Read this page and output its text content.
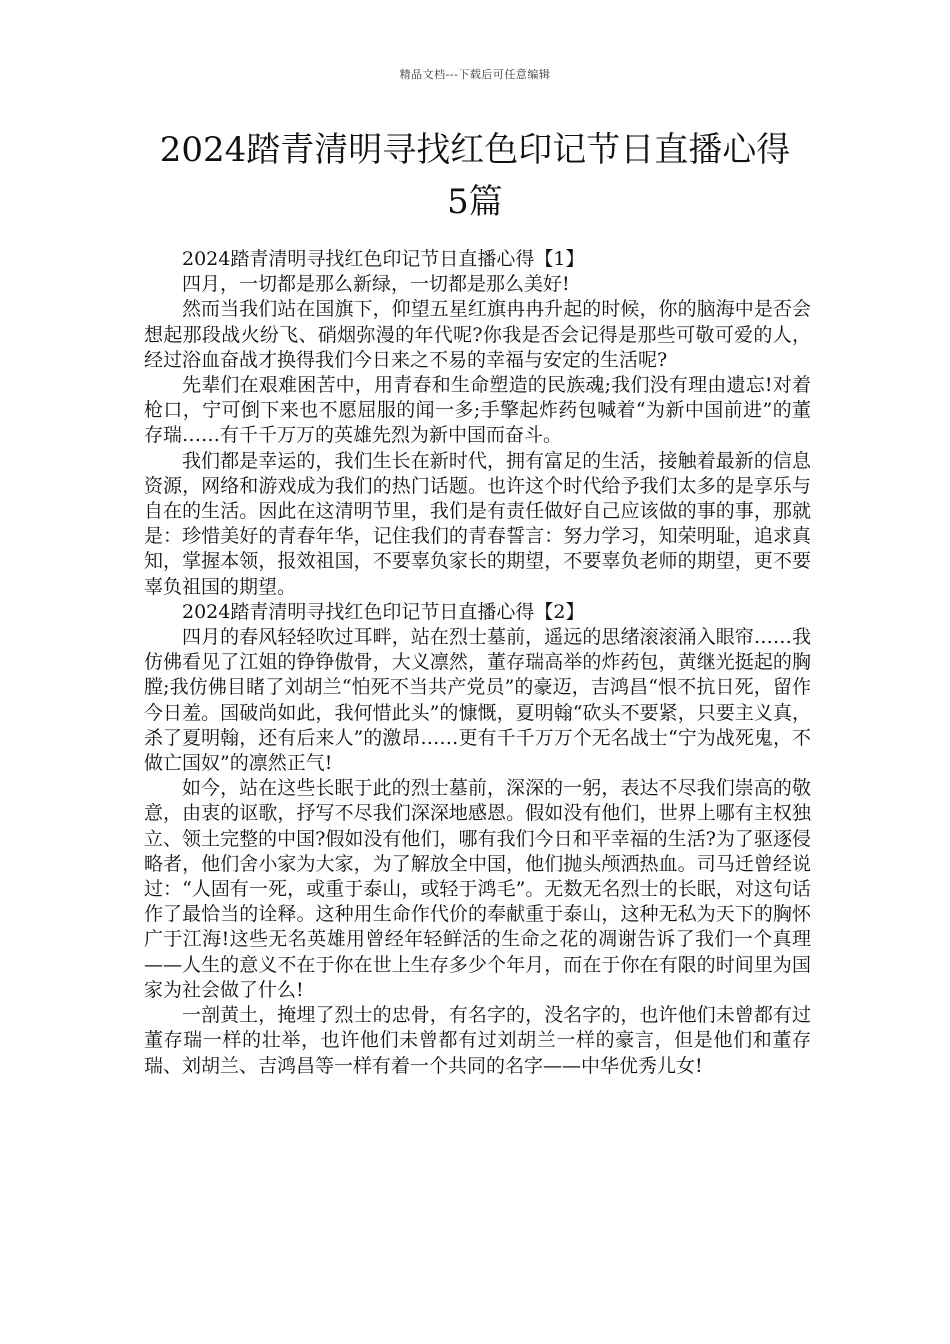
精品文档---下载后可任意编辑
2024踏青清明寻找红色印记节日直播心得
5篇

2024踏青清明寻找红色印记节日直播心得【1】

四月，一切都是那么新绿，一切都是那么美好!

然而当我们站在国旗下，仰望五星红旗冉冉升起的时候，你的脑海中是否会想起那段战火纷飞、硝烟弥漫的年代呢?你我是否会记得是那些可敬可爱的人，经过浴血奋战才换得我们今日来之不易的幸福与安定的生活呢?

先辈们在艰难困苦中，用青春和生命塑造的民族魂;我们没有理由遗忘!对着枪口，宁可倒下来也不愿屈服的闻一多;手擎起炸药包喊着“为新中国前进”的董存瑞……有千千万万的英雄先烈为新中国而奋斗。

我们都是幸运的，我们生长在新时代，拥有富足的生活，接触着最新的信息资源，网络和游戏成为我们的热门话题。也许这个时代给予我们太多的是享乐与自在的生活。因此在这清明节里，我们是有责任做好自己应该做的事的事，那就是：珍惜美好的青春年华，记住我们的青春誓言：努力学习，知荣明耻，追求真知，掌握本领，报效祖国，不要辜负家长的期望，不要辜负老师的期望，更不要辜负祖国的期望。

2024踏青清明寻找红色印记节日直播心得【2】

四月的春风轻轻吹过耳畔，站在烈士墓前，遥远的思绪滚滚涌入眼帘……我仿佛看见了江姐的铮铮傲骨，大义凛然，董存瑞高举的炸药包，黄继光挺起的胸膛;我仿佛目睹了刘胡兰“怕死不当共产党员”的豪迈，吉鸿昌“恨不抗日死，留作今日羞。国破尚如此，我何惜此头”的慷慨，夏明翰“砍头不要紧，只要主义真，杀了夏明翰，还有后来人”的激昂……更有千千万万个无名战士“宁为战死鬼，不做亡国奴”的凛然正气!

如今，站在这些长眠于此的烈士墓前，深深的一躬，表达不尽我们崇高的敬意，由衷的讴歌，抒写不尽我们深深地感恩。假如没有他们，世界上哪有主权独立、领土完整的中国?假如没有他们，哪有我们今日和平幸福的生活?为了驱逐侵略者，他们舍小家为大家，为了解放全中国，他们抛头颅洒热血。司马迁曾经说过：“人固有一死，或重于泰山，或轻于鸿毛”。无数无名烈士的长眠，对这句话作了最恰当的诠释。这种用生命作代价的奉献重于泰山，这种无私为天下的胸怀广于江海!这些无名英雄用曾经年轻鲜活的生命之花的凋谢告诉了我们一个真理——人生的意义不在于你在世上生存多少个年月，而在于你在有限的时间里为国家为社会做了什么!

一剖黄土，掩埋了烈士的忠骨，有名字的，没名字的，也许他们未曾都有过董存瑞一样的壮举，也许他们未曾都有过刘胡兰一样的豪言，但是他们和董存瑞、刘胡兰、吉鸿昌等一样有着一个共同的名字——中华优秀儿女!
